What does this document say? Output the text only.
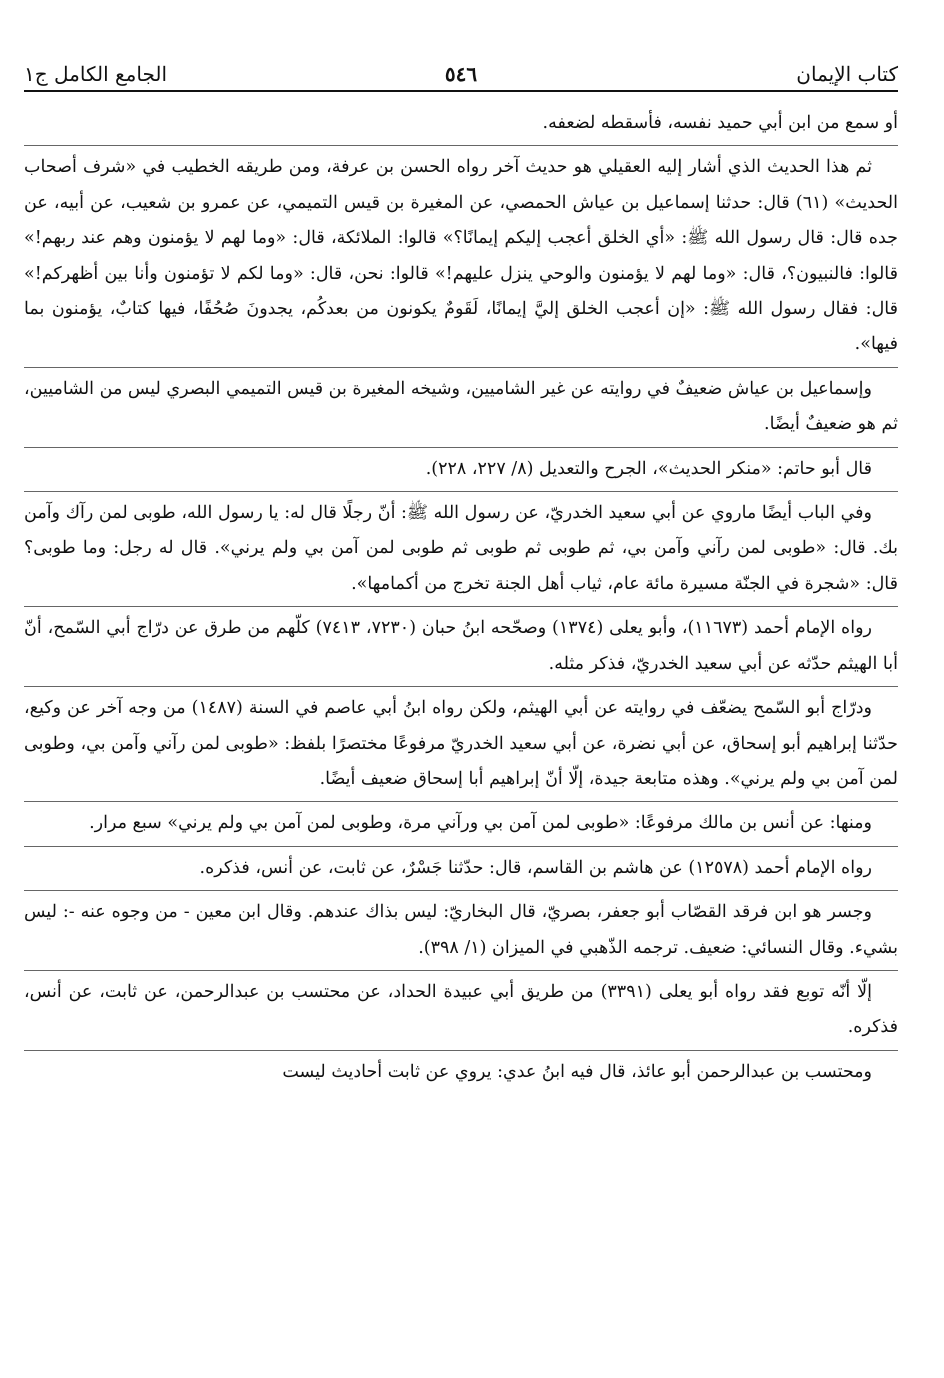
كتاب الإيمان
٥٤٦
الجامع الكامل ج١

أو سمع من ابن أبي حميد نفسه، فأسقطه لضعفه.

ثم هذا الحديث الذي أشار إليه العقيلي هو حديث آخر رواه الحسن بن عرفة، ومن طريقه الخطيب في «شرف أصحاب الحديث» (٦١) قال: حدثنا إسماعيل بن عياش الحمصي، عن المغيرة بن قيس التميمي، عن عمرو بن شعيب، عن أبيه، عن جده قال: قال رسول الله ﷺ: «أي الخلق أعجب إليكم إيمانًا؟» قالوا: الملائكة، قال: «وما لهم لا يؤمنون وهم عند ربهم!» قالوا: فالنبيون؟، قال: «وما لهم لا يؤمنون والوحي ينزل عليهم!» قالوا: نحن، قال: «وما لكم لا تؤمنون وأنا بين أظهركم!» قال: فقال رسول الله ﷺ: «إن أعجب الخلق إليَّ إيمانًا، لَقَومٌ يكونون من بعدكُم، يجدونَ صُحُفًا، فيها كتابٌ، يؤمنون بما فيها».

وإسماعيل بن عياش ضعيفٌ في روايته عن غير الشاميين، وشيخه المغيرة بن قيس التميمي البصري ليس من الشاميين، ثم هو ضعيفٌ أيضًا.

قال أبو حاتم: «منكر الحديث»، الجرح والتعديل (٨/ ٢٢٧، ٢٢٨).

وفي الباب أيضًا ماروي عن أبي سعيد الخدريّ، عن رسول الله ﷺ: أنّ رجلًا قال له: يا رسول الله، طوبى لمن رآك وآمن بك. قال: «طوبى لمن رآني وآمن بي، ثم طوبى ثم طوبى ثم طوبى لمن آمن بي ولم يرني». قال له رجل: وما طوبى؟ قال: «شجرة في الجنّة مسيرة مائة عام، ثياب أهل الجنة تخرج من أكمامها».

رواه الإمام أحمد (١١٦٧٣)، وأبو يعلى (١٣٧٤) وصحّحه ابنُ حبان (٧٢٣٠، ٧٤١٣) كلّهم من طرق عن درّاج أبي السّمح، أنّ أبا الهيثم حدّثه عن أبي سعيد الخدريّ، فذكر مثله.

ودرّاج أبو السّمح يضعّف في روايته عن أبي الهيثم، ولكن رواه ابنُ أبي عاصم في السنة (١٤٨٧) من وجه آخر عن وكيع، حدّثنا إبراهيم أبو إسحاق، عن أبي نضرة، عن أبي سعيد الخدريّ مرفوعًا مختصرًا بلفظ: «طوبى لمن رآني وآمن بي، وطوبى لمن آمن بي ولم يرني». وهذه متابعة جيدة، إلّا أنّ إبراهيم أبا إسحاق ضعيف أيضًا.

ومنها: عن أنس بن مالك مرفوعًا: «طوبى لمن آمن بي ورآني مرة، وطوبى لمن آمن بي ولم يرني» سبع مرار.

رواه الإمام أحمد (١٢٥٧٨) عن هاشم بن القاسم، قال: حدّثنا جَسْرٌ، عن ثابت، عن أنس، فذكره.

وجسر هو ابن فرقد القصّاب أبو جعفر، بصريّ، قال البخاريّ: ليس بذاك عندهم. وقال ابن معين - من وجوه عنه -: ليس بشيء. وقال النسائي: ضعيف. ترجمه الذّهبي في الميزان (١/ ٣٩٨).

إلّا أنّه توبع فقد رواه أبو يعلى (٣٣٩١) من طريق أبي عبيدة الحداد، عن محتسب بن عبدالرحمن، عن ثابت، عن أنس، فذكره.

ومحتسب بن عبدالرحمن أبو عائذ، قال فيه ابنُ عدي: يروي عن ثابت أحاديث ليست
